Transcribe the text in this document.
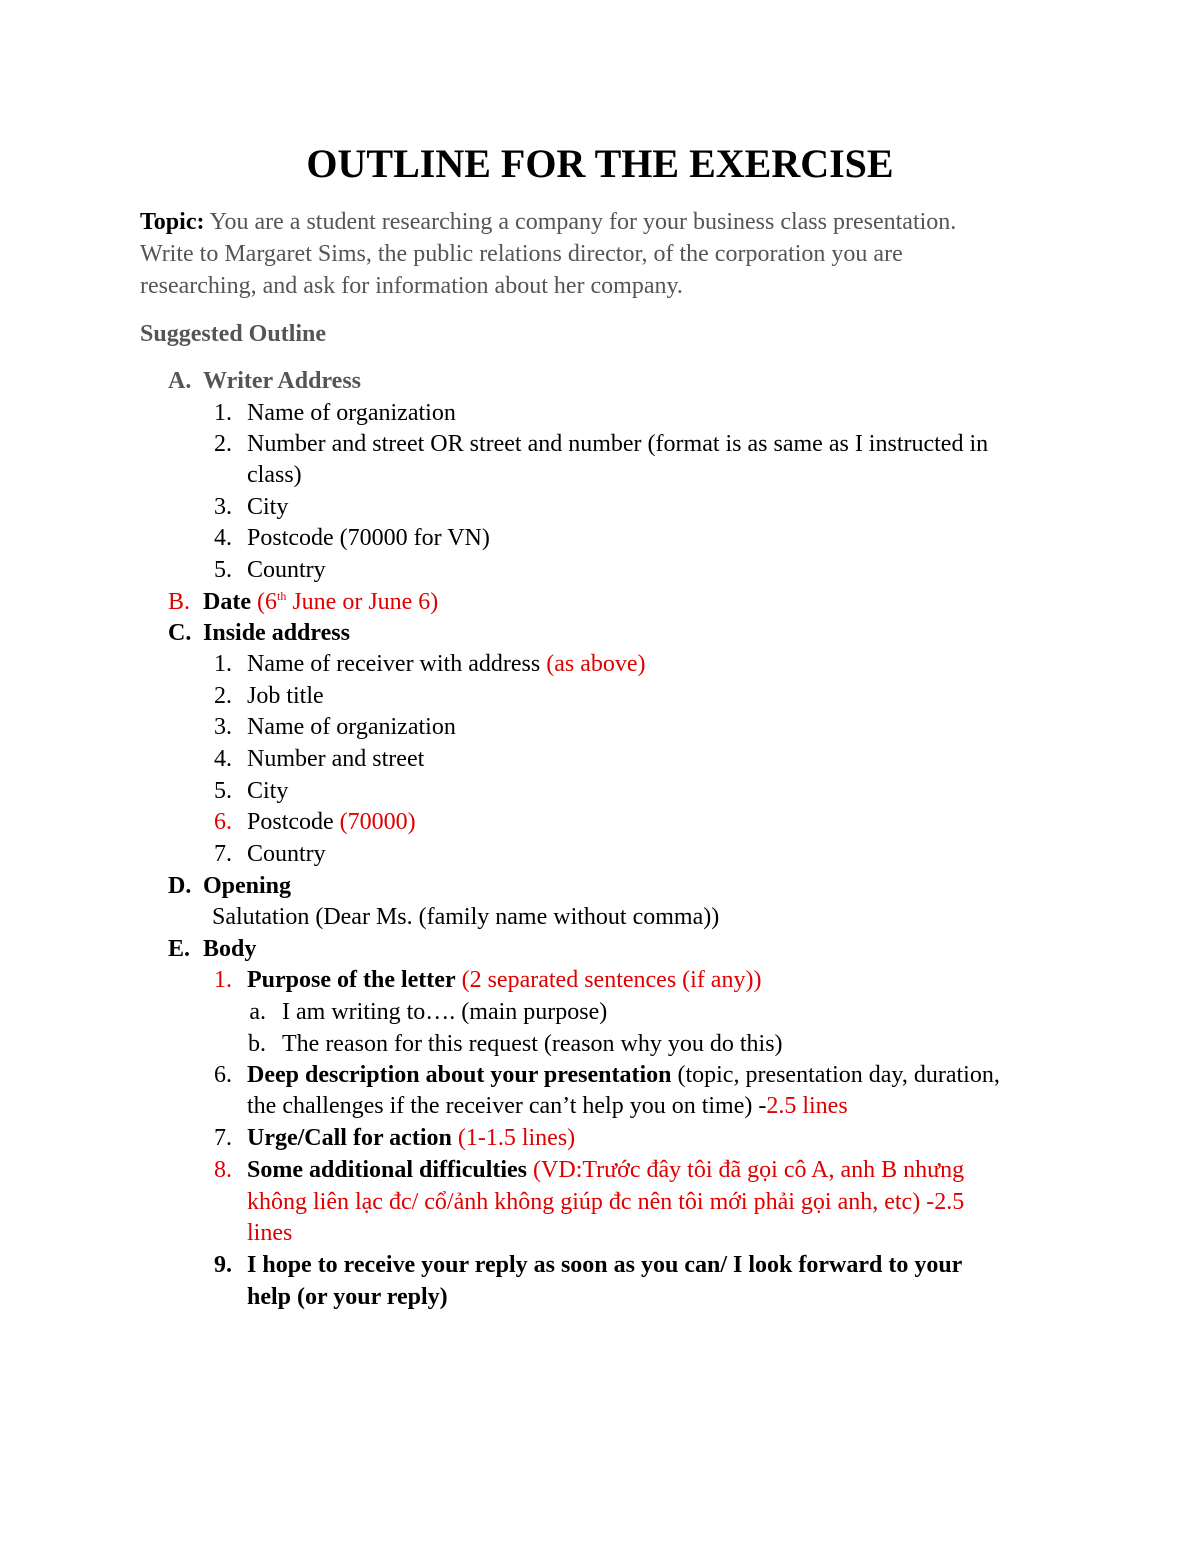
OUTLINE FOR THE EXERCISE
Topic: You are a student researching a company for your business class presentation.
Write to Margaret Sims, the public relations director, of the corporation you are
researching, and ask for information about her company.
Suggested Outline
A. Writer Address
1. Name of organization
2. Number and street OR street and number (format is as same as I instructed in
class)
3. City
4. Postcode (70000 for VN)
5. Country
B. Date (6th June or June 6)
C. Inside address
1. Name of receiver with address (as above)
2. Job title
3. Name of organization
4. Number and street
5. City
6. Postcode (70000)
7. Country
D. Opening
Salutation (Dear Ms. (family name without comma))
E. Body
1. Purpose of the letter (2 separated sentences (if any))
a. I am writing to…. (main purpose)
b. The reason for this request (reason why you do this)
6. Deep description about your presentation (topic, presentation day, duration,
the challenges if the receiver can’t help you on time) -2.5 lines
7. Urge/Call for action (1-1.5 lines)
8. Some additional difficulties (VD:Trước đây tôi đã gọi cô A, anh B nhưng
không liên lạc đc/ cổ/ảnh không giúp đc nên tôi mới phải gọi anh, etc) -2.5
lines
9. I hope to receive your reply as soon as you can/ I look forward to your
help (or your reply)
